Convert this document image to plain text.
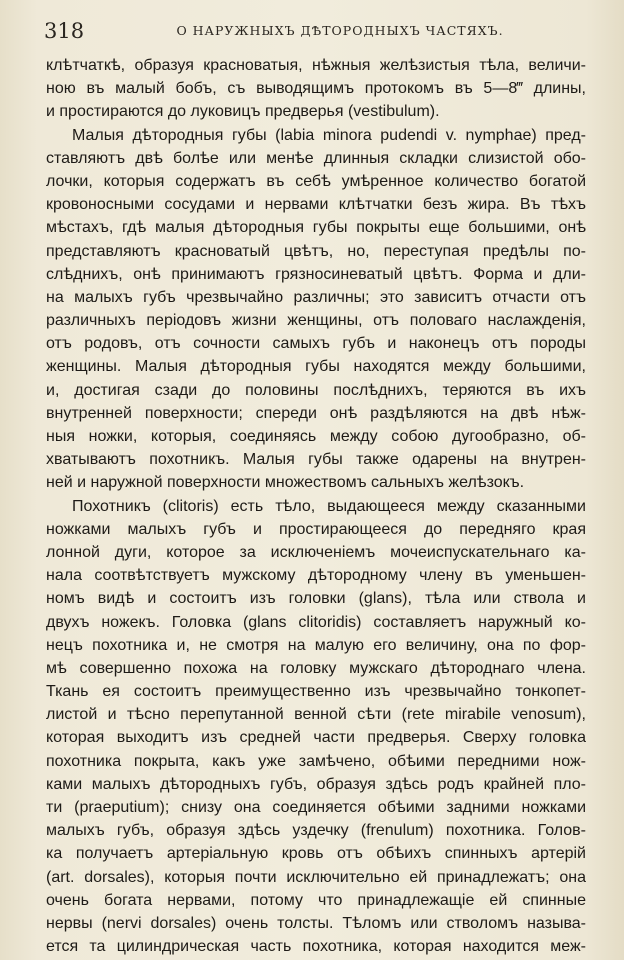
318	О НАРУЖНЫХЪ ДѢТОРОДНЫХЪ ЧАСТЯХЪ.
клѣтчаткѣ, образуя красноватыя, нѣжныя желѣзистыя тѣла, величи-
ною въ малый бобъ, съ выводящимъ протокомъ въ 5—8‴ длины,
и простираются до луковицъ предверья (vestibulum).
Малыя дѣтородныя губы (labia minora pudendi v. nymphae) пред-
ставляютъ двѣ болѣе или менѣе длинныя складки слизистой обо-
лочки, которыя содержатъ въ себѣ умѣренное количество богатой
кровоносными сосудами и нервами клѣтчатки безъ жира. Въ тѣхъ
мѣстахъ, гдѣ малыя дѣтородныя губы покрыты еще большими, онѣ
представляютъ красноватый цвѣтъ, но, переступая предѣлы по-
слѣднихъ, онѣ принимаютъ грязносиневатый цвѣтъ. Форма и дли-
на малыхъ губъ чрезвычайно различны; это зависитъ отчасти отъ
различныхъ періодовъ жизни женщины, отъ половаго наслажденія,
отъ родовъ, отъ сочности самыхъ губъ и наконецъ отъ породы
женщины. Малыя дѣтородныя губы находятся между большими,
и, достигая сзади до половины послѣднихъ, теряются въ ихъ
внутренней поверхности; спереди онѣ раздѣляются на двѣ нѣж-
ныя ножки, которыя, соединяясь между собою дугообразно, об-
хватываютъ похотникъ. Малыя губы также одарены на внутрен-
ней и наружной поверхности множествомъ сальныхъ желѣзокъ.
Похотникъ (clitoris) есть тѣло, выдающееся между сказанными
ножками малыхъ губъ и простирающееся до передняго края
лонной дуги, которое за исключеніемъ мочеиспускательнаго ка-
нала соотвѣтствуетъ мужскому дѣтородному члену въ уменьшен-
номъ видѣ и состоитъ изъ головки (glans), тѣла или ствола и
двухъ ножекъ. Головка (glans clitoridis) составляетъ наружный ко-
нецъ похотника и, не смотря на малую его величину, она по фор-
мѣ совершенно похожа на головку мужскаго дѣтороднаго члена.
Ткань ея состоитъ преимущественно изъ чрезвычайно тонкопет-
листой и тѣсно перепутанной венной сѣти (rete mirabile venosum),
которая выходитъ изъ средней части предверья. Сверху головка
похотника покрыта, какъ уже замѣчено, обѣими передними нож-
ками малыхъ дѣтородныхъ губъ, образуя здѣсь родъ крайней пло-
ти (praeputium); снизу она соединяется обѣими задними ножками
малыхъ губъ, образуя здѣсь уздечку (frenulum) похотника. Голов-
ка получаетъ артеріальную кровь отъ обѣихъ спинныхъ артерій
(art. dorsales), которыя почти исключительно ей принадлежатъ; она
очень богата нервами, потому что принадлежащіе ей спинные
нервы (nervi dorsales) очень толсты. Тѣломъ или стволомъ называ-
ется та цилиндрическая часть похотника, которая находится меж-
